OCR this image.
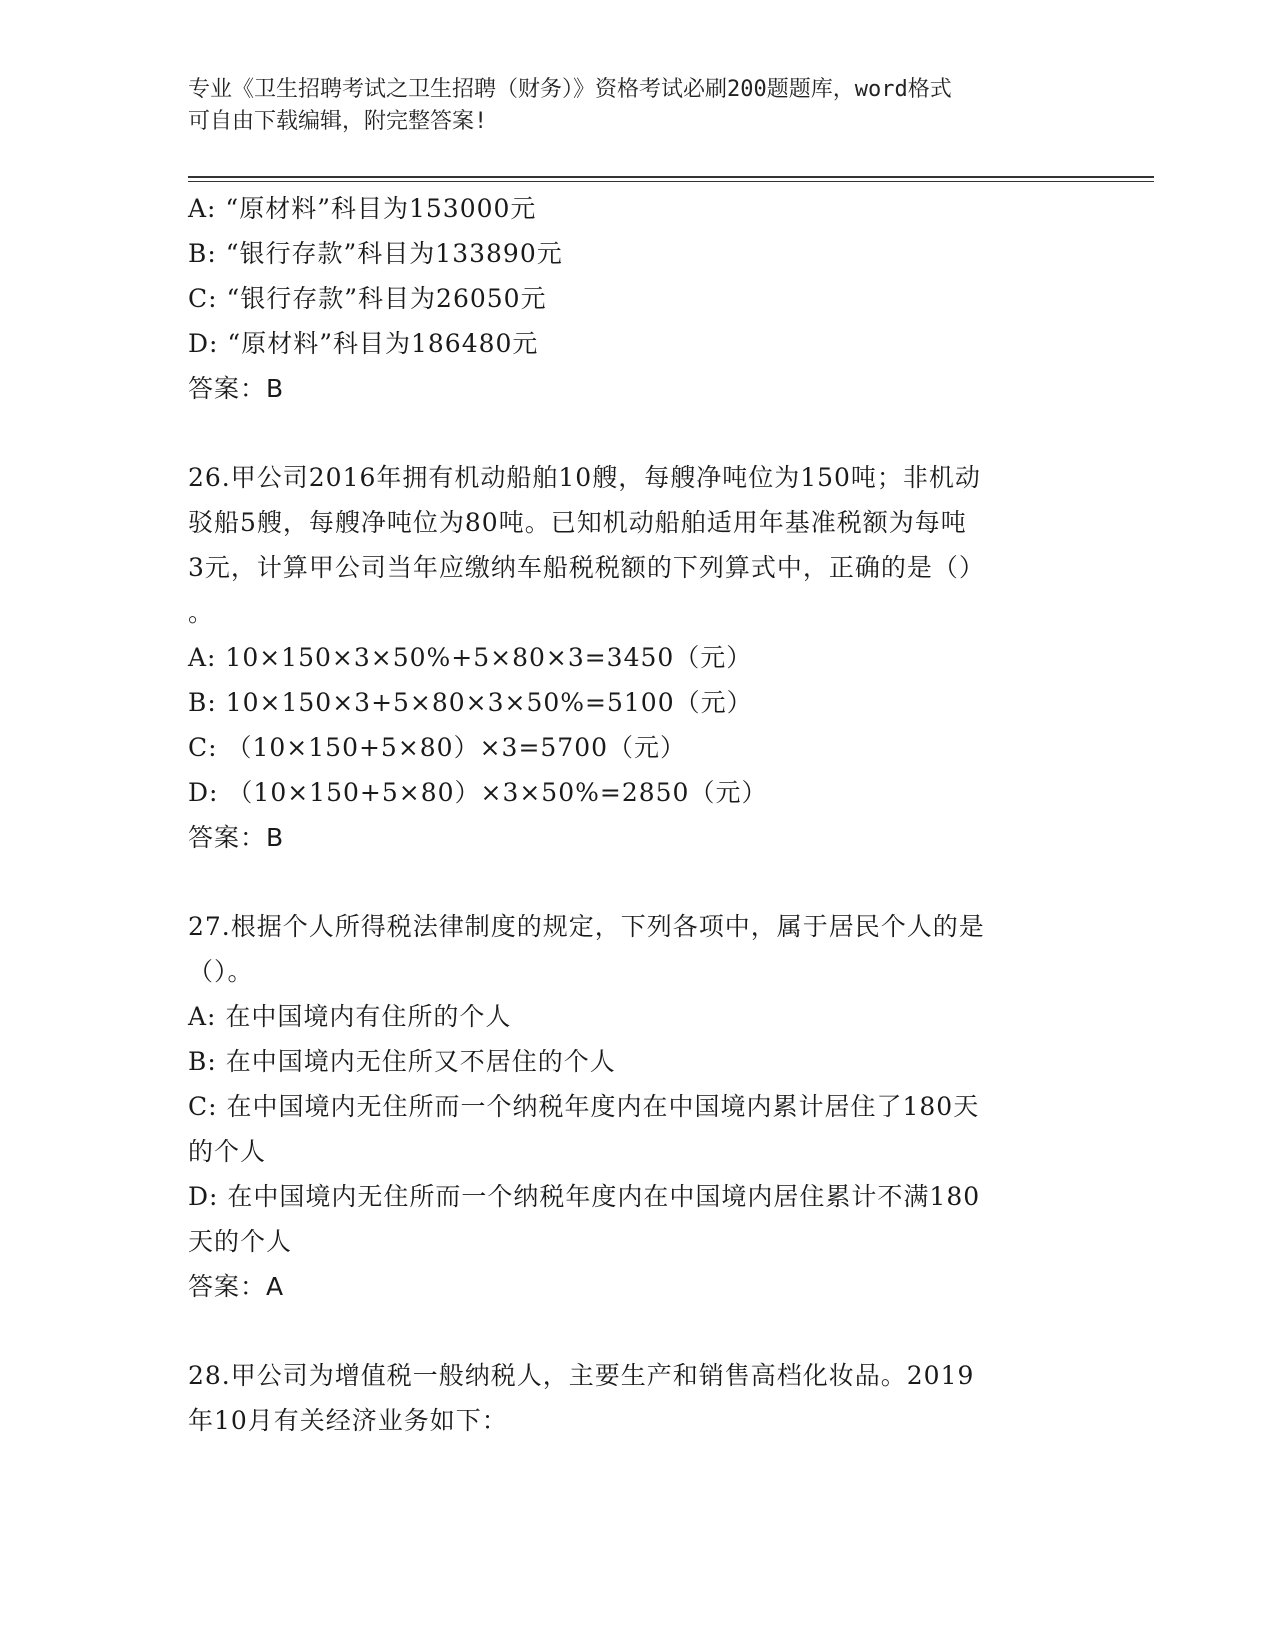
专业《卫生招聘考试之卫生招聘（财务）》资格考试必刷200题题库，word格式
可自由下载编辑，附完整答案!
A: “原材料”科目为153000元
B: “银行存款”科目为133890元
C: “银行存款”科目为26050元
D: “原材料”科目为186480元
答案：B
26.甲公司2016年拥有机动船舶10艘，每艘净吨位为150吨；非机动
驳船5艘，每艘净吨位为80吨。已知机动船舶适用年基准税额为每吨
3元，计算甲公司当年应缴纳车船税税额的下列算式中，正确的是（）
。
A: 10×150×3×50%+5×80×3=3450（元）
B: 10×150×3+5×80×3×50%=5100（元）
C: （10×150+5×80）×3=5700（元）
D: （10×150+5×80）×3×50%=2850（元）
答案：B
27.根据个人所得税法律制度的规定，下列各项中，属于居民个人的是
（）。
A: 在中国境内有住所的个人
B: 在中国境内无住所又不居住的个人
C: 在中国境内无住所而一个纳税年度内在中国境内累计居住了180天
的个人
D: 在中国境内无住所而一个纳税年度内在中国境内居住累计不满180
天的个人
答案：A
28.甲公司为增值税一般纳税人，主要生产和销售高档化妆品。2019
年10月有关经济业务如下：
